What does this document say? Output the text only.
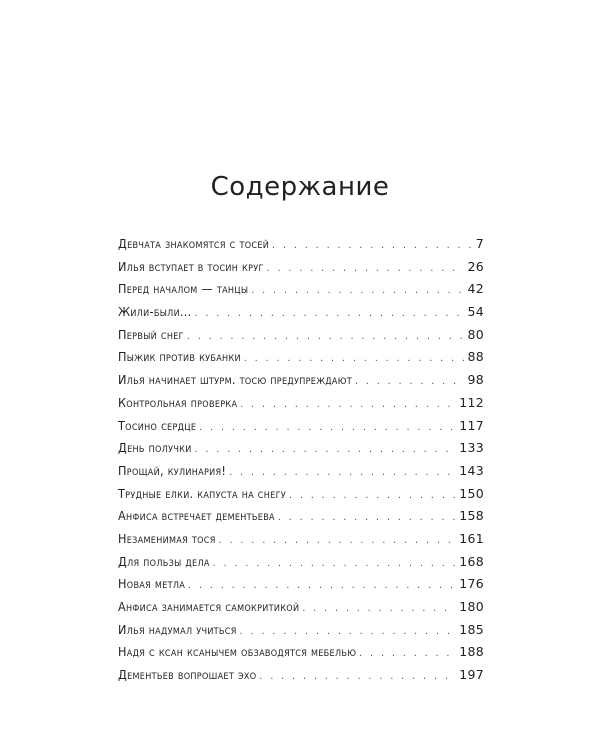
Содержание
Девчата знакомятся с тосей . . .	7
Илья вступает в тосин круг . . .	26
Перед началом — танцы . . .	42
Жили-были... . . .	54
Первый снег . . .	80
Пыжик против кубанки . . .	88
Илья начинает штурм. тосю предупреждают . . .	98
Контрольная проверка . . .	112
Тосино сердце . . .	117
День получки . . .	133
Прощай, кулинария! . . .	143
Трудные елки. капуста на снегу . . .	150
Анфиса встречает дементьева . . .	158
Незаменимая тося . . .	161
Для пользы дела . . .	168
Новая метла . . .	176
Анфиса занимается самокритикой . . .	180
Илья надумал учиться . . .	185
Надя с ксан ксанычем обзаводятся мебелью . . .	188
Дементьев вопрошает эхо . . .	197
